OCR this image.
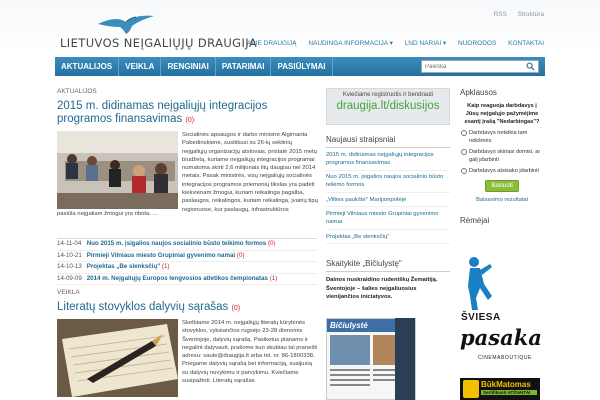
LIETUVOS NEĮGALIŲJŲ DRAUGIJA
RSS Struktūra
APIE DRAUGIJĄ NAUDINGA INFORMACIJA ▾ LND NARIAI ▾ NUORODOS KONTAKTAI
AKTUALIJOS	VEIKLA	RENGINIAI	PATARIMAI	PASIŪLYMAI
Paieška
AKTUALIJOS
2015 m. didinamas neįgaliųjų integracijos programos finansavimas (0)
Socialinės apsaugos ir darbo ministrė Algimanta Pabedinskienė, susitikusi su 26-ių sektinių neįgaliųjų organizacijų atstovais, pristatė 2015 metų biudžetą, kuriame neįgaliųjų integracijos programai numatoma skirti 2,6 milijonais litų daugiau nei 2014 metais. Pasak ministrės, visų neįgaliųjų socialinės integracijos programos priemonių tikslas yra padėti kiekvienam žmogui, kuriam reikalinga pagalba, paslaugos, reikalingos, kuriam reikalinga, įvairių tipų regionuose, kur paslaugų, infrastruktūros
pasiūla neįgaliam žmogui yra ribota. ...
14-11-04 Nuo 2015 m. įsigalios naujos socialinio būsto teikimo formos (0)
14-10-21 Pirmieji Vilniaus miesto Grupiniai gyvenimo namai (0)
14-10-13 Projektas „Be slenksčių" (1)
14-09-09 2014 m. Neįgaliųjų Europos lengvosios atletikos čempionatas (1)
VEIKLA
Literatų stovyklos dalyvių sąrašas (0)
Skelbiame 2014 m. neįgaliųjų literatų kūrybinės stovyklos, vyksiančios rugsėjo 23-28 dienomis Šventojoje, dalyvių sąrašą. Pasiketus planams ir negalint dalyvauti, prašome kuo skubiau tai pranešti adresu: saule@draugija.lt arba tel. nr. 86-1800338. Priegame dalyvių sąrašą bei informaciją, susijusią su dalyvių nuvykimu ir parvykimu. Kviečiame susipažinti. Literatų sąrašas
Kviečiame registruotis ir bendrauti
draugija.lt/diskusijos
Naujausi straipsniai
2015 m. didinamas neįgaliųjų integracijos programos finansavimas
Nuo 2015 m. įsigalios naujos socialinio būsto teikimo formos
„Vilties paukštė" Marijampolėje
Pirmieji Vilniaus miesto Grupiniai gyvenimo namai
Projektas „Be slenksčių"
Skaitykite „Bičiulystę"
Dainos nuskraidino rudeniškų Žemaitiją. Šventojoje – šalies neįgaliuosius vienijančios iniciatyvos.
Bičiulystė
Apklausos
Kaip reaguoja darbdavys į Jūsų neįgalųjo pažymėjime esantį įrašą "Nedarbingas"?
Darbdavys neteikia tam reikšmės
Darbdavys skiriasi domisi, ar galį įdarbinti
Darbdavys atsisako įdarbinti
Balsuoti
Balsavimo rezultatai
Rėmėjai
ŠVIESA
pasaka
CINEMABOUTIQUE
BūkMatomas
Sertifikuoti ATŠVAITAI
